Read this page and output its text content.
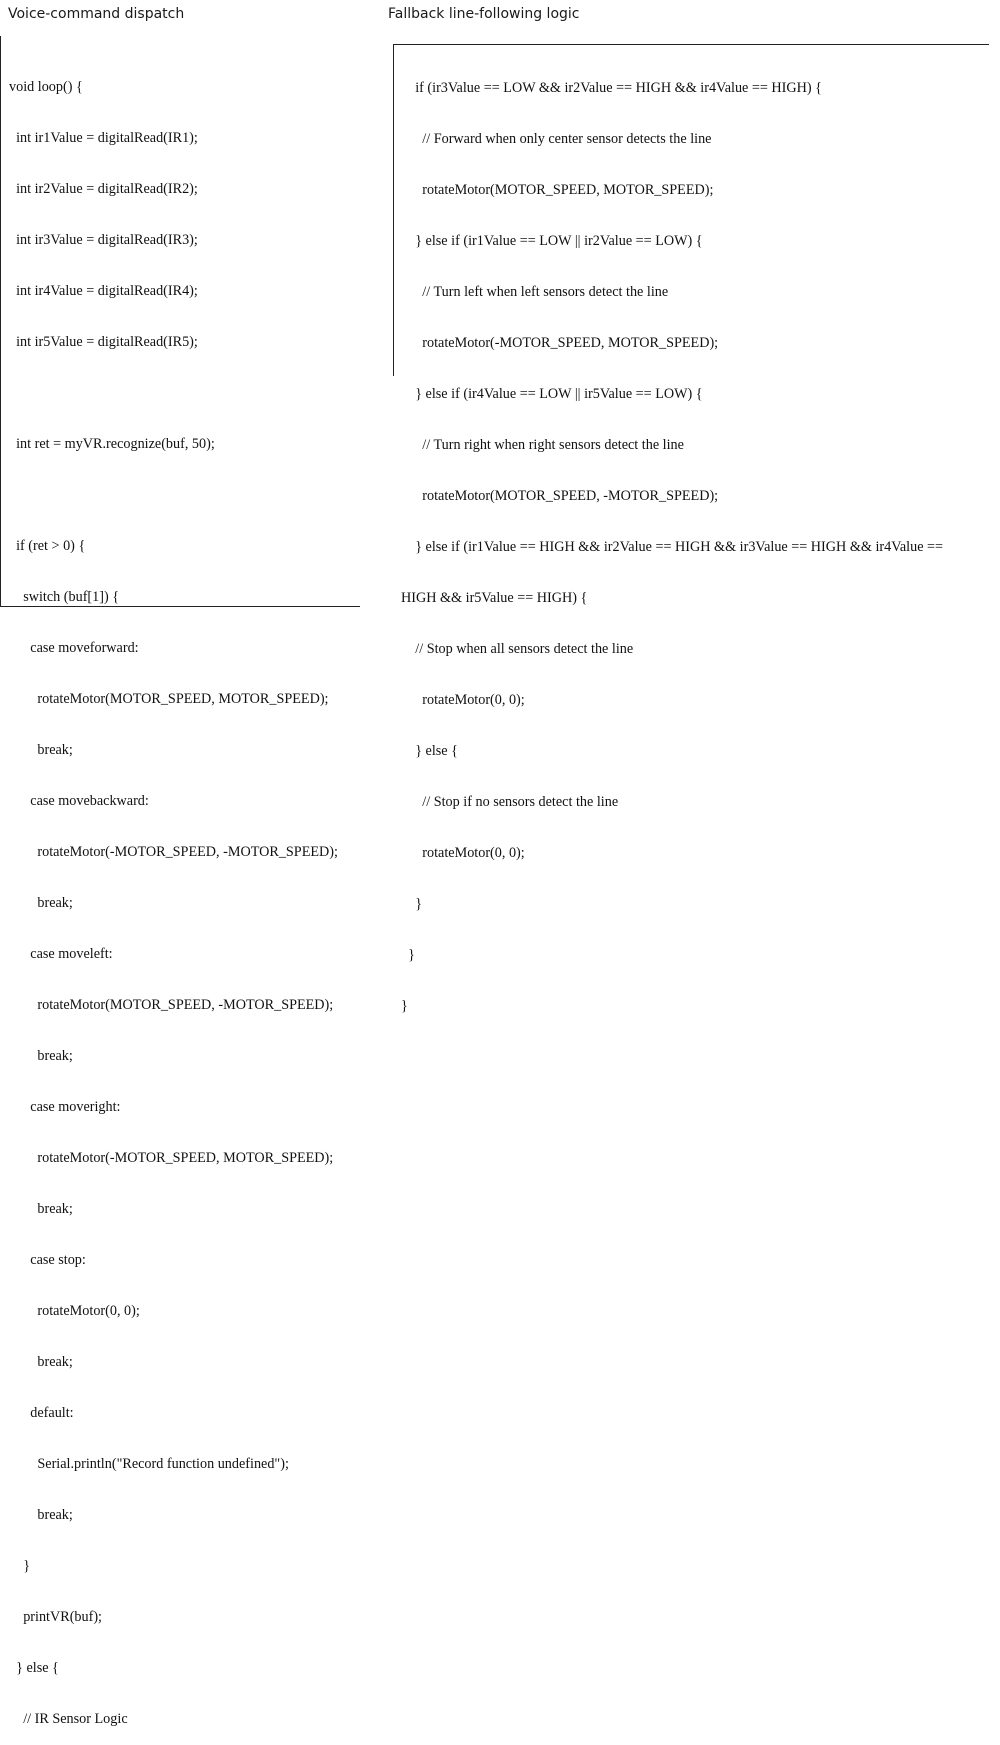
Voice-command dispatch	Fallback line-following logic

void loop() {

int ir1Value = digitalRead(IR1);

int ir2Value = digitalRead(IR2);

int ir3Value = digitalRead(IR3);

int ir4Value = digitalRead(IR4);

int ir5Value = digitalRead(IR5);

int ret = myVR.recognize(buf, 50);

if (ret > 0) {

switch (buf[1]) {

case moveforward:

rotateMotor(MOTOR_SPEED, MOTOR_SPEED);

break;

case movebackward:

rotateMotor(-MOTOR_SPEED, -MOTOR_SPEED);

break;

case moveleft:

rotateMotor(MOTOR_SPEED, -MOTOR_SPEED);

break;

case moveright:

rotateMotor(-MOTOR_SPEED, MOTOR_SPEED);

break;

case stop:

rotateMotor(0, 0);

break;

default:

Serial.println("Record function undefined");

break;

}

printVR(buf);

} else {

// IR Sensor Logic

if (ir3Value == LOW && ir2Value == HIGH && ir4Value == HIGH) {

// Forward when only center sensor detects the line

rotateMotor(MOTOR_SPEED, MOTOR_SPEED);

} else if (ir1Value == LOW || ir2Value == LOW) {

// Turn left when left sensors detect the line

rotateMotor(-MOTOR_SPEED, MOTOR_SPEED);

} else if (ir4Value == LOW || ir5Value == LOW) {

// Turn right when right sensors detect the line

rotateMotor(MOTOR_SPEED, -MOTOR_SPEED);

} else if (ir1Value == HIGH && ir2Value == HIGH && ir3Value == HIGH && ir4Value ==

HIGH && ir5Value == HIGH) {

// Stop when all sensors detect the line

rotateMotor(0, 0);

} else {

// Stop if no sensors detect the line

rotateMotor(0, 0);

}

}

}
